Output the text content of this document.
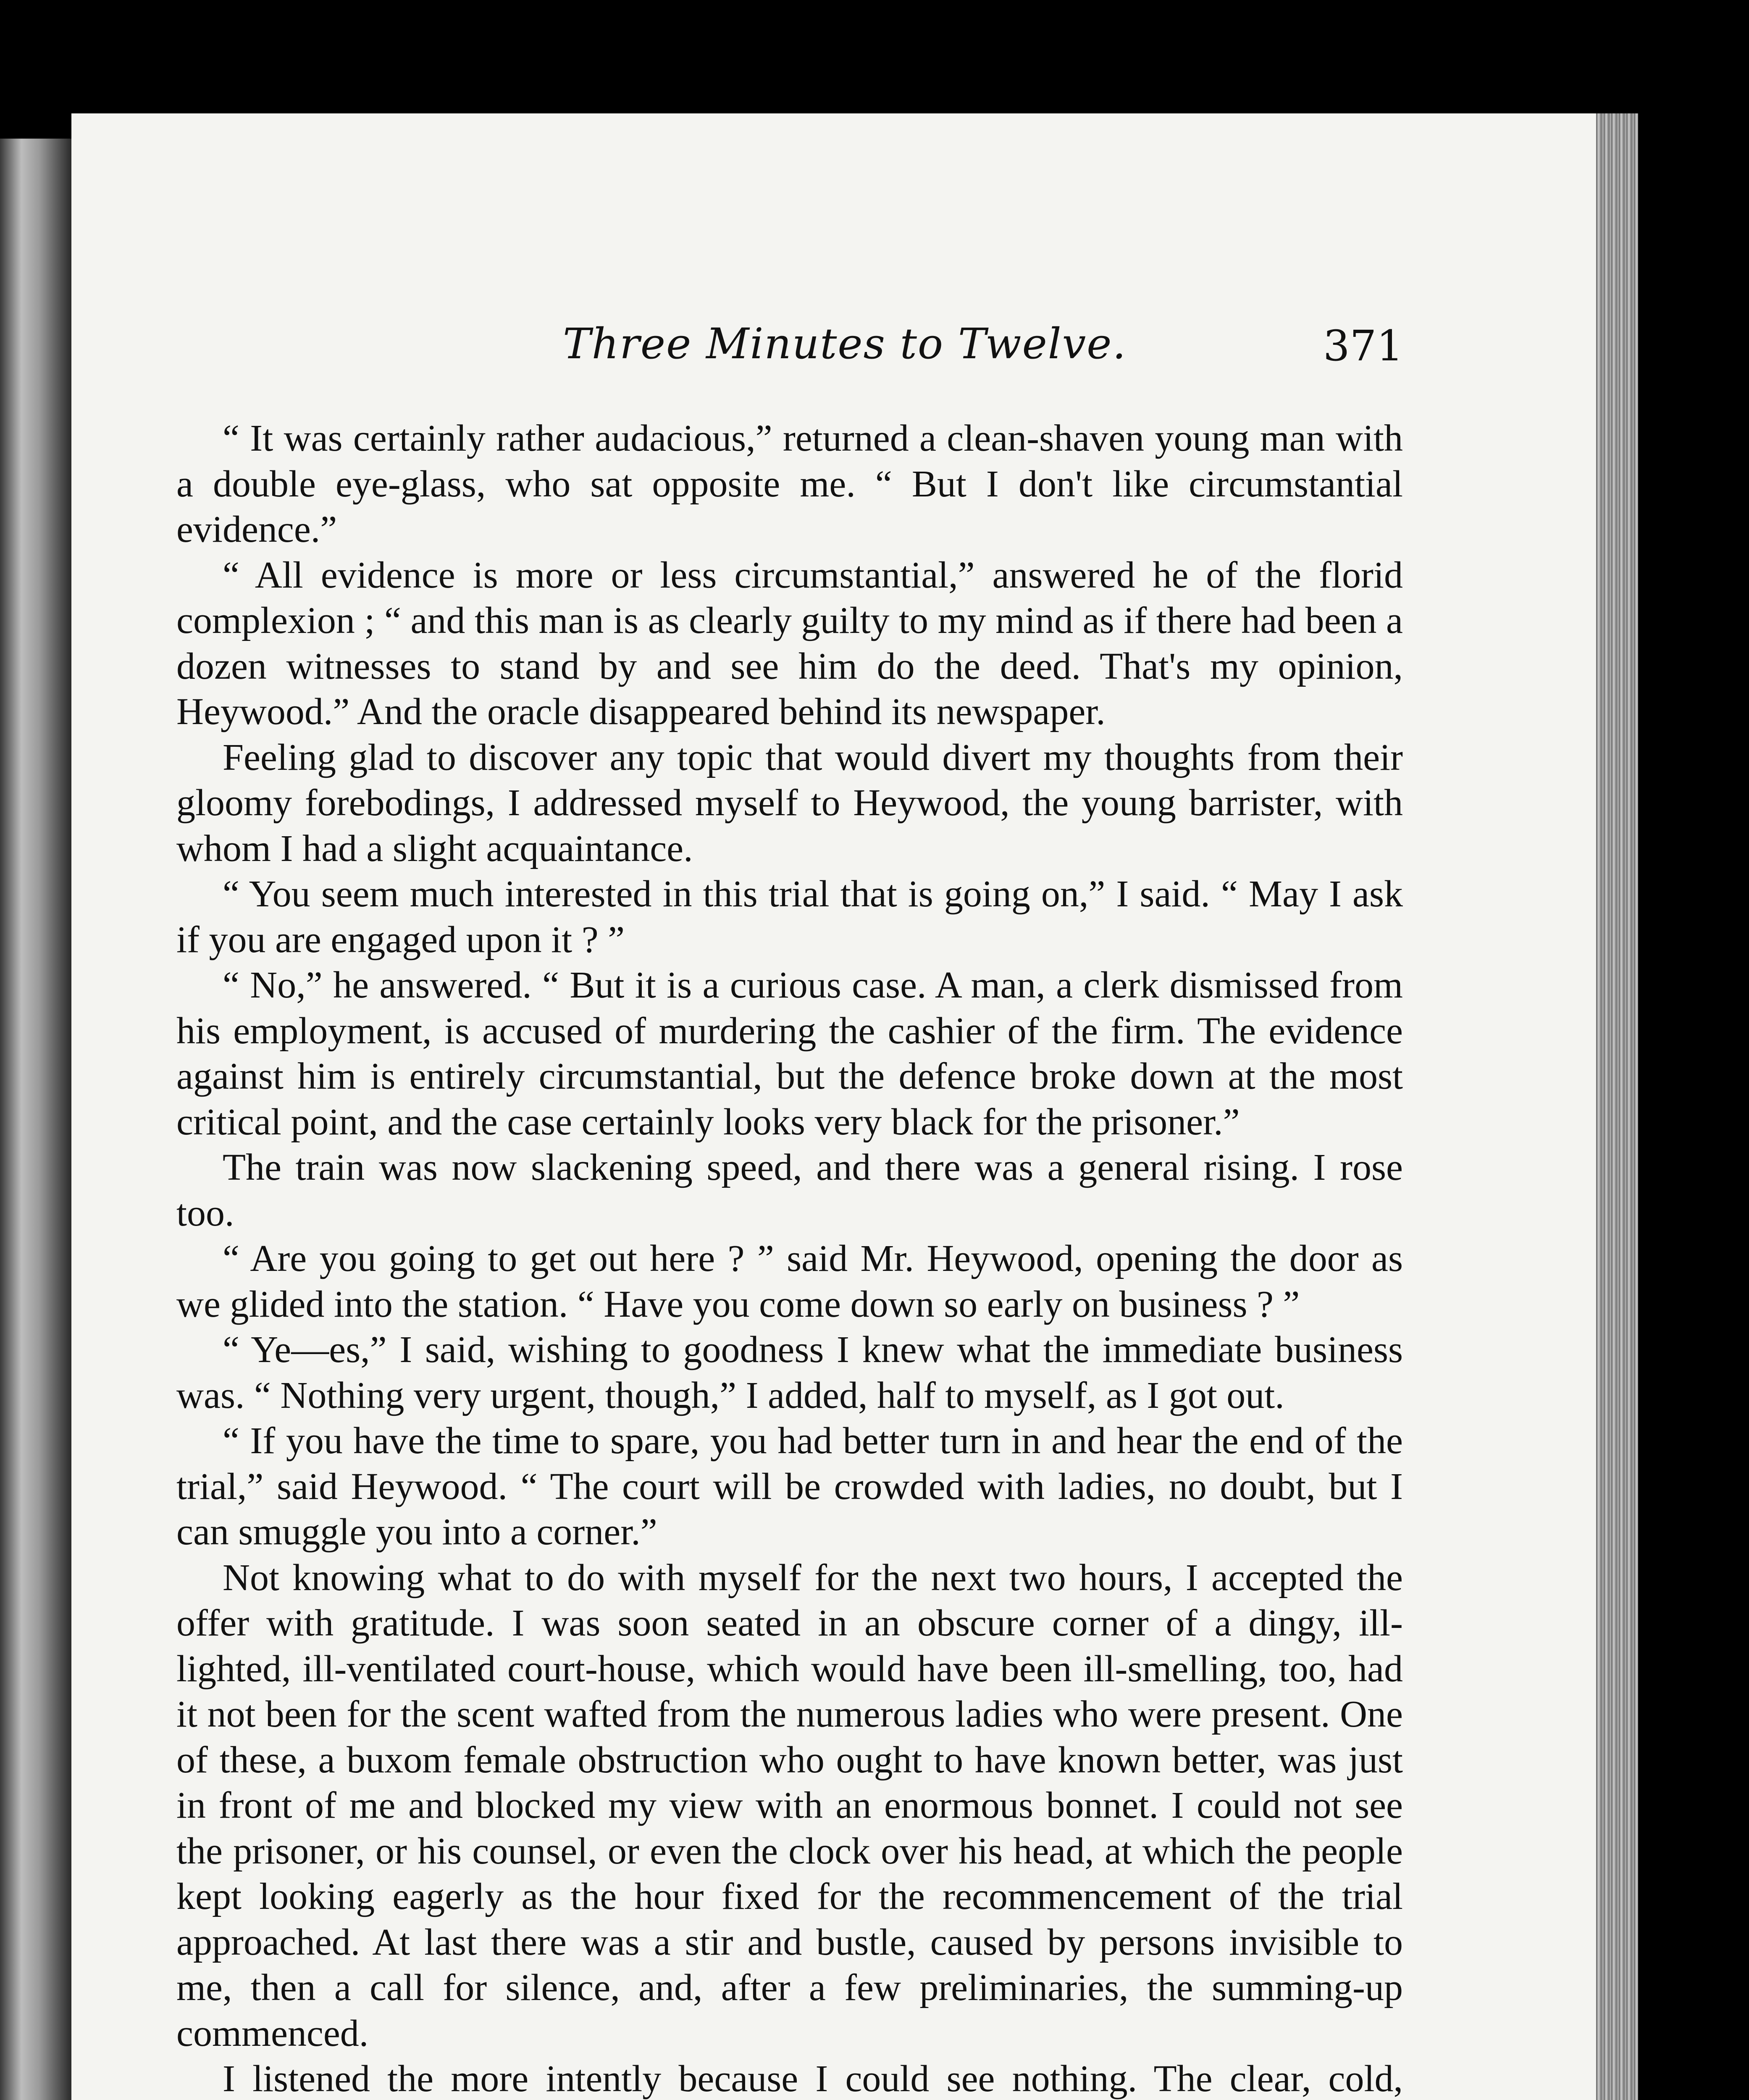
Three Minutes to Twelve.	371

“ It was certainly rather audacious,” returned a clean-shaven young man with a double eye-glass, who sat opposite me. “ But I don't like circumstantial evidence.”

“ All evidence is more or less circumstantial,” answered he of the florid complexion ; “ and this man is as clearly guilty to my mind as if there had been a dozen witnesses to stand by and see him do the deed. That's my opinion, Heywood.” And the oracle disappeared behind its newspaper.

Feeling glad to discover any topic that would divert my thoughts from their gloomy forebodings, I addressed myself to Heywood, the young barrister, with whom I had a slight acquaintance.

“ You seem much interested in this trial that is going on,” I said. “ May I ask if you are engaged upon it ? ”

“ No,” he answered. “ But it is a curious case. A man, a clerk dismissed from his employment, is accused of murdering the cashier of the firm. The evidence against him is entirely circumstantial, but the defence broke down at the most critical point, and the case certainly looks very black for the prisoner.”

The train was now slackening speed, and there was a general rising. I rose too.

“ Are you going to get out here ? ” said Mr. Heywood, opening the door as we glided into the station. “ Have you come down so early on business ? ”

“ Ye—es,” I said, wishing to goodness I knew what the immediate business was. “ Nothing very urgent, though,” I added, half to myself, as I got out.

“ If you have the time to spare, you had better turn in and hear the end of the trial,” said Heywood. “ The court will be crowded with ladies, no doubt, but I can smuggle you into a corner.”

Not knowing what to do with myself for the next two hours, I accepted the offer with gratitude. I was soon seated in an obscure corner of a dingy, ill-lighted, ill-ventilated court-house, which would have been ill-smelling, too, had it not been for the scent wafted from the numerous ladies who were present. One of these, a buxom female obstruction who ought to have known better, was just in front of me and blocked my view with an enormous bonnet. I could not see the prisoner, or his counsel, or even the clock over his head, at which the people kept looking eagerly as the hour fixed for the recommencement of the trial approached. At last there was a stir and bustle, caused by persons invisible to me, then a call for silence, and, after a few preliminaries, the summing-up commenced.

I listened the more intently because I could see nothing. The clear, cold,
